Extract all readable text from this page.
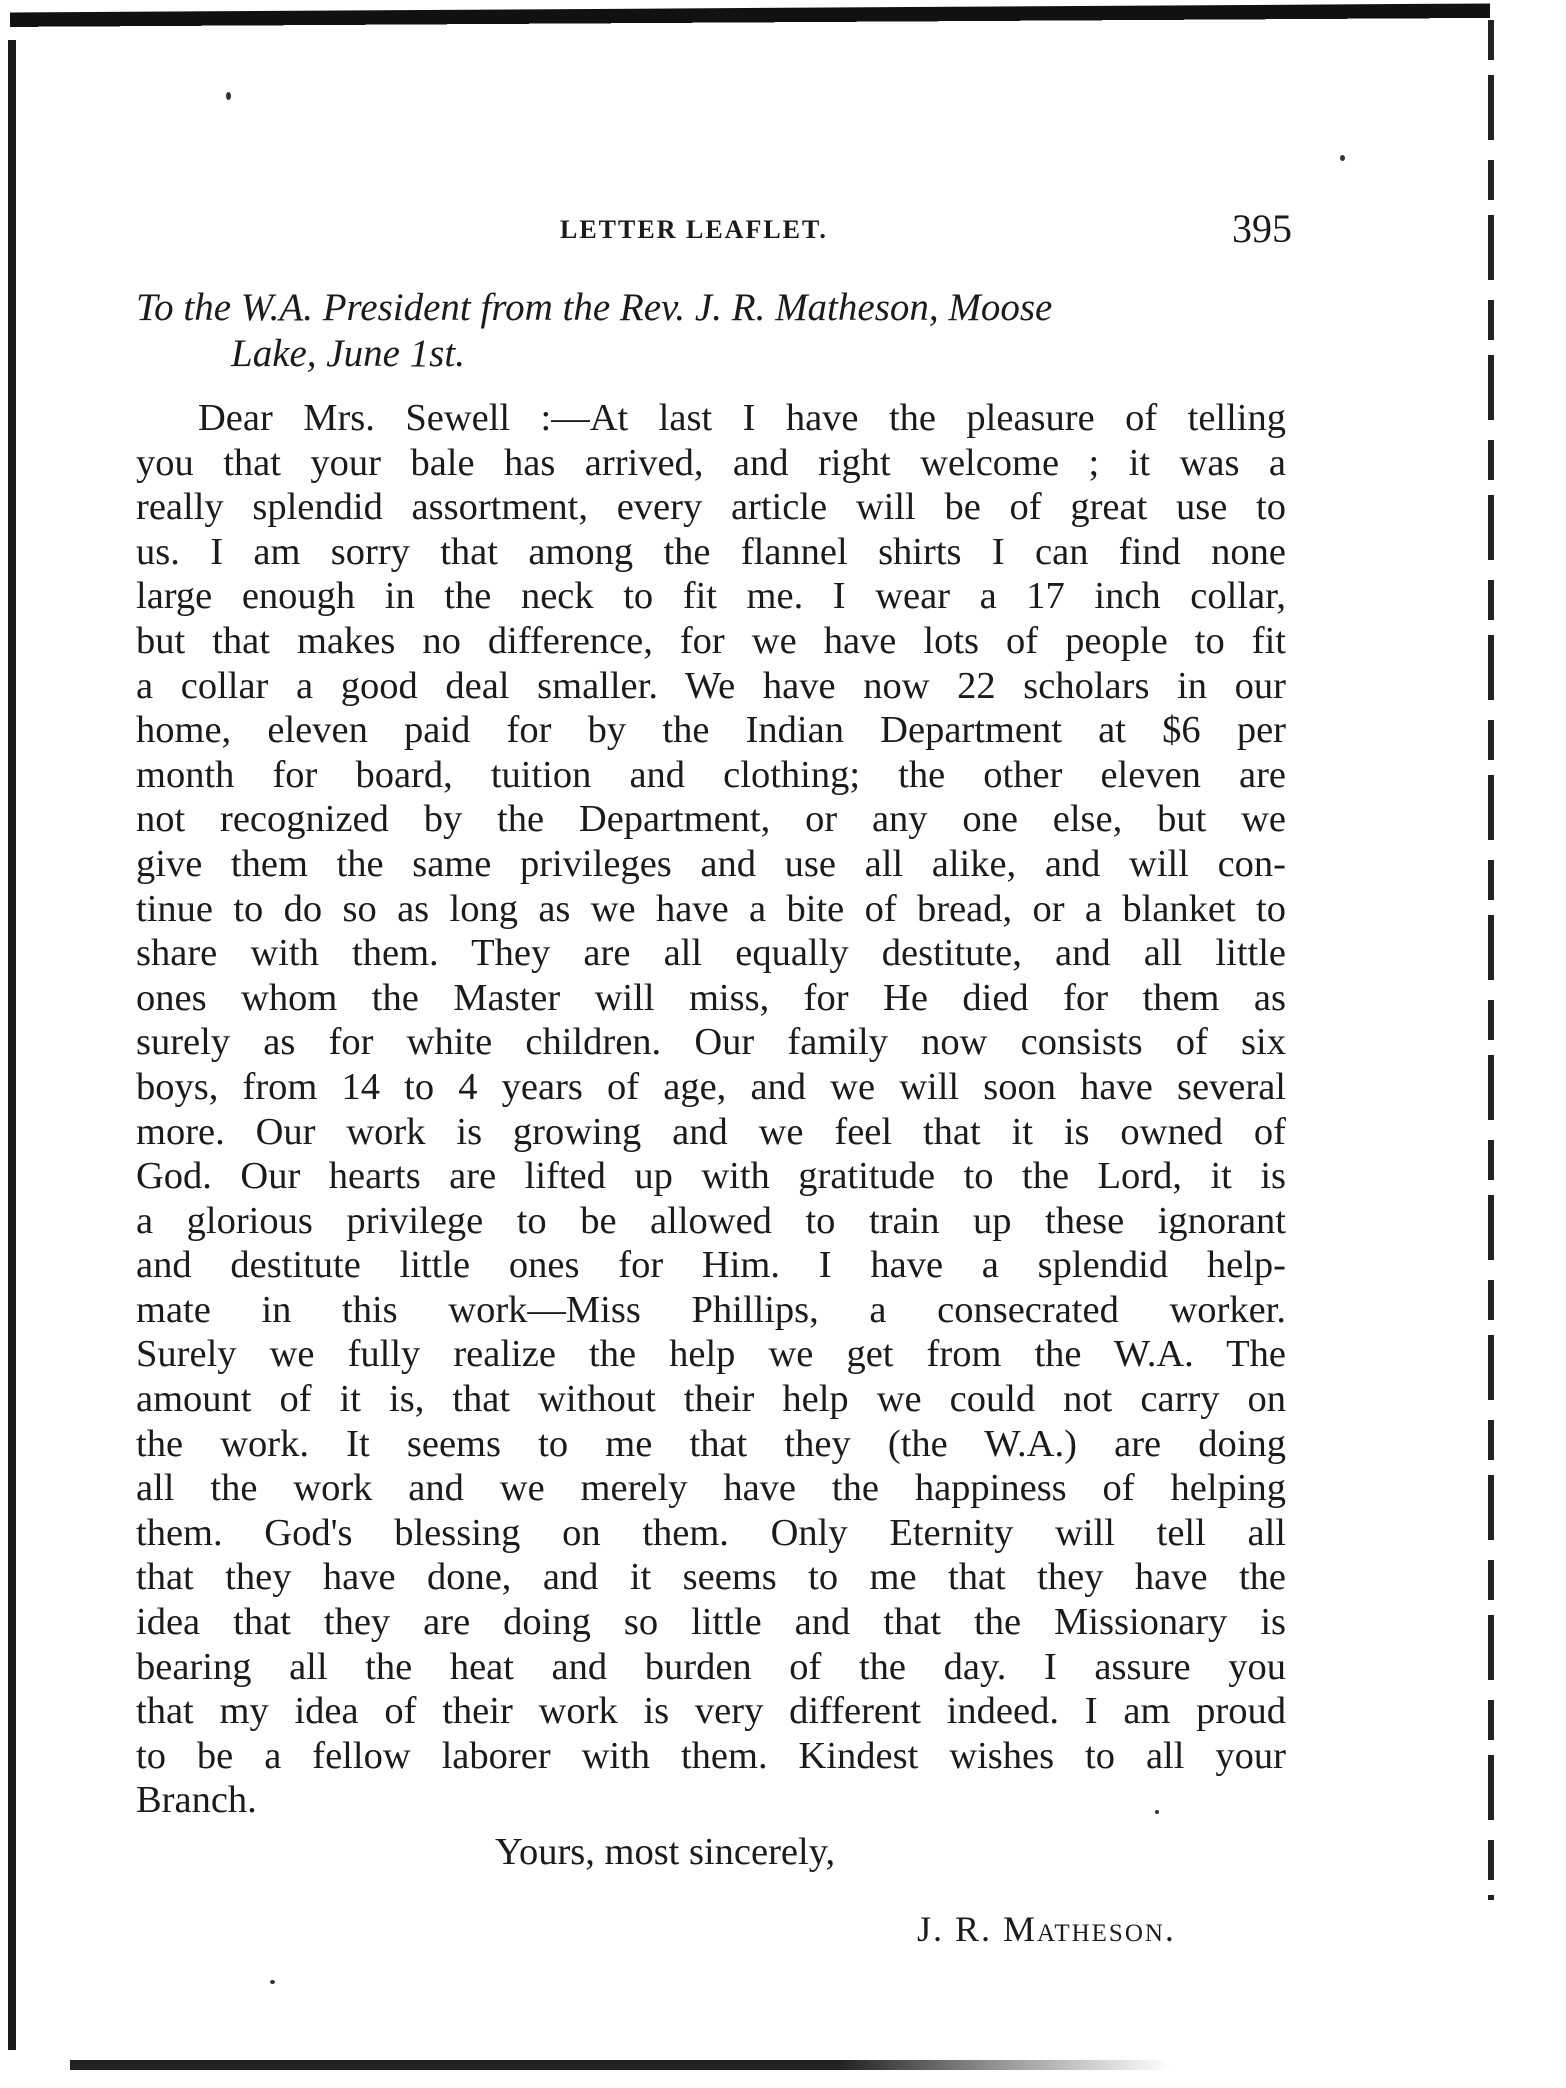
LETTER LEAFLET.	395
To the W.A. President from the Rev. J. R. Matheson, Moose
Lake, June 1st.
Dear Mrs. Sewell :—At last I have the pleasure of telling
you that your bale has arrived, and right welcome ; it was a
really splendid assortment, every article will be of great use to
us. I am sorry that among the flannel shirts I can find none
large enough in the neck to fit me. I wear a 17 inch collar,
but that makes no difference, for we have lots of people to fit
a collar a good deal smaller. We have now 22 scholars in our
home, eleven paid for by the Indian Department at $6 per
month for board, tuition and clothing; the other eleven are
not recognized by the Department, or any one else, but we
give them the same privileges and use all alike, and will con-
tinue to do so as long as we have a bite of bread, or a blanket to
share with them. They are all equally destitute, and all little
ones whom the Master will miss, for He died for them as
surely as for white children. Our family now consists of six
boys, from 14 to 4 years of age, and we will soon have several
more. Our work is growing and we feel that it is owned of
God. Our hearts are lifted up with gratitude to the Lord, it is
a glorious privilege to be allowed to train up these ignorant
and destitute little ones for Him. I have a splendid help-
mate in this work—Miss Phillips, a consecrated worker.
Surely we fully realize the help we get from the W.A. The
amount of it is, that without their help we could not carry on
the work. It seems to me that they (the W.A.) are doing
all the work and we merely have the happiness of helping
them. God's blessing on them. Only Eternity will tell all
that they have done, and it seems to me that they have the
idea that they are doing so little and that the Missionary is
bearing all the heat and burden of the day. I assure you
that my idea of their work is very different indeed. I am proud
to be a fellow laborer with them. Kindest wishes to all your
Branch.
Yours, most sincerely,
J. R. Matheson.
